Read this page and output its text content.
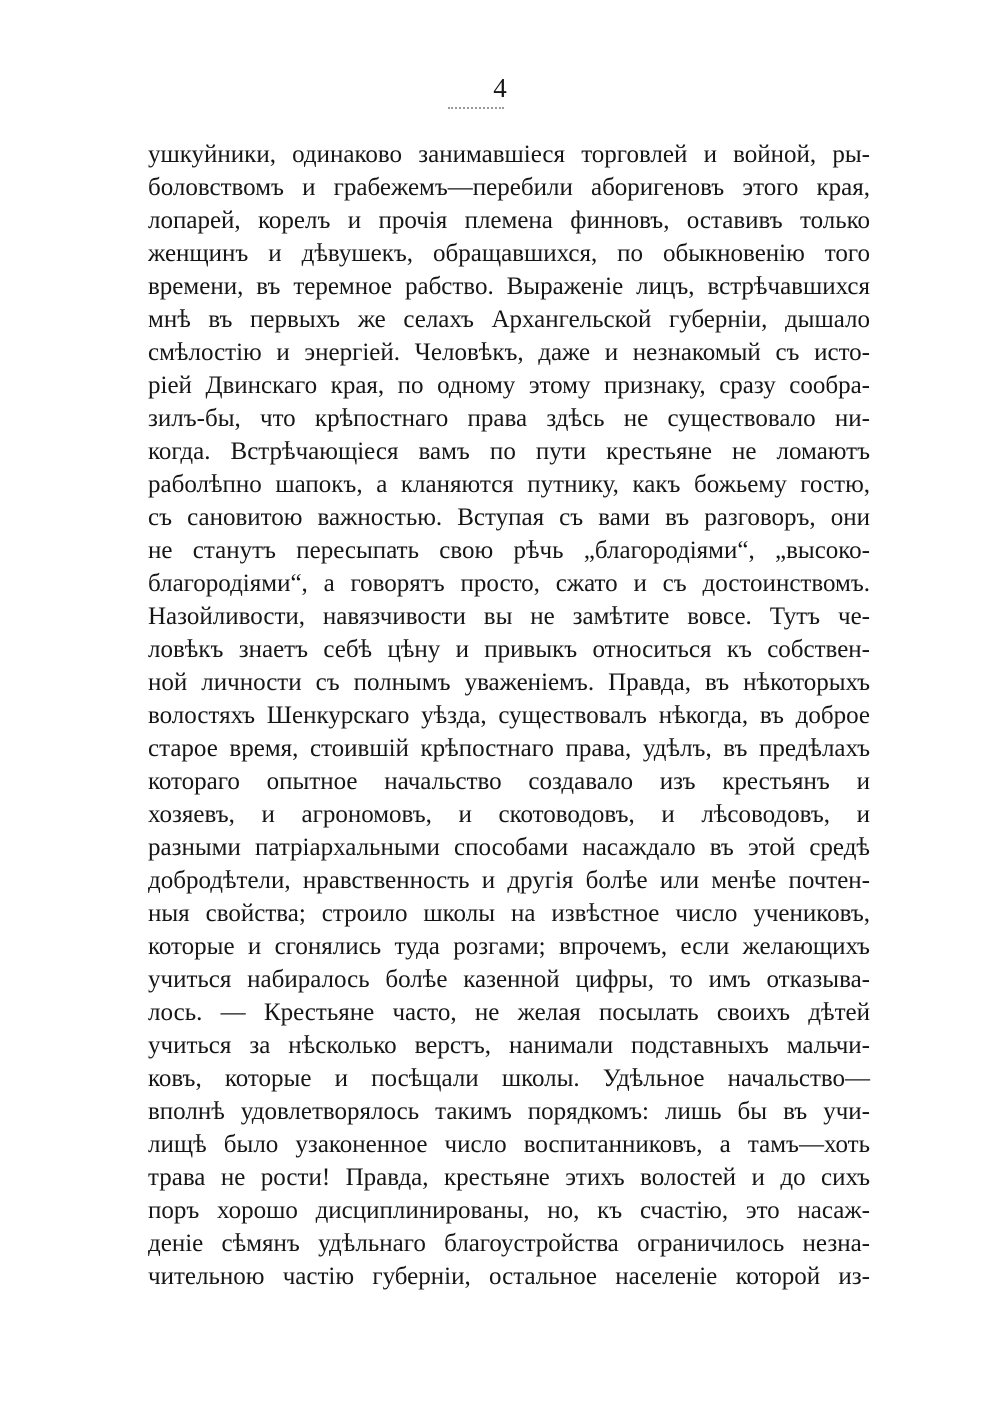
4
ушкуйники, одинаково занимавшіеся торговлей и войной, ры-
боловствомъ и грабежемъ—перебили аборигеновъ этого края,
лопарей, корелъ и прочія племена финновъ, оставивъ только
женщинъ и дѣвушекъ, обращавшихся, по обыкновенію того
времени, въ теремное рабство. Выраженіе лицъ, встрѣчавшихся
мнѣ въ первыхъ же селахъ Архангельской губерніи, дышало
смѣлостію и энергіей. Человѣкъ, даже и незнакомый съ исто-
ріей Двинскаго края, по одному этому признаку, сразу сообра-
зилъ-бы, что крѣпостнаго права здѣсь не существовало ни-
когда. Встрѣчающіеся вамъ по пути крестьяне не ломаютъ
раболѣпно шапокъ, а кланяются путнику, какъ божьему гостю,
съ сановитою важностью. Вступая съ вами въ разговоръ, они
не станутъ пересыпать свою рѣчь „благородіями“, „высоко-
благородіями“, а говорятъ просто, сжато и съ достоинствомъ.
Назойливости, навязчивости вы не замѣтите вовсе. Тутъ че-
ловѣкъ знаетъ себѣ цѣну и привыкъ относиться къ собствен-
ной личности съ полнымъ уваженіемъ. Правда, въ нѣкоторыхъ
волостяхъ Шенкурскаго уѣзда, существовалъ нѣкогда, въ доброе
старое время, стоившій крѣпостнаго права, удѣлъ, въ предѣлахъ
котораго опытное начальство создавало изъ крестьянъ и
хозяевъ, и агрономовъ, и скотоводовъ, и лѣсоводовъ, и
разными патріархальными способами насаждало въ этой средѣ
добродѣтели, нравственность и другія болѣе или менѣе почтен-
ныя свойства; строило школы на извѣстное число учениковъ,
которые и сгонялись туда розгами; впрочемъ, если желающихъ
учиться набиралось болѣе казенной цифры, то имъ отказыва-
лось. — Крестьяне часто, не желая посылать своихъ дѣтей
учиться за нѣсколько верстъ, нанимали подставныхъ мальчи-
ковъ, которые и посѣщали школы. Удѣльное начальство—
вполнѣ удовлетворялось такимъ порядкомъ: лишь бы въ учи-
лищѣ было узаконенное число воспитанниковъ, а тамъ—хоть
трава не рости! Правда, крестьяне этихъ волостей и до сихъ
поръ хорошо дисциплинированы, но, къ счастію, это насаж-
деніе сѣмянъ удѣльнаго благоустройства ограничилось незна-
чительною частію губерніи, остальное населеніе которой из-
